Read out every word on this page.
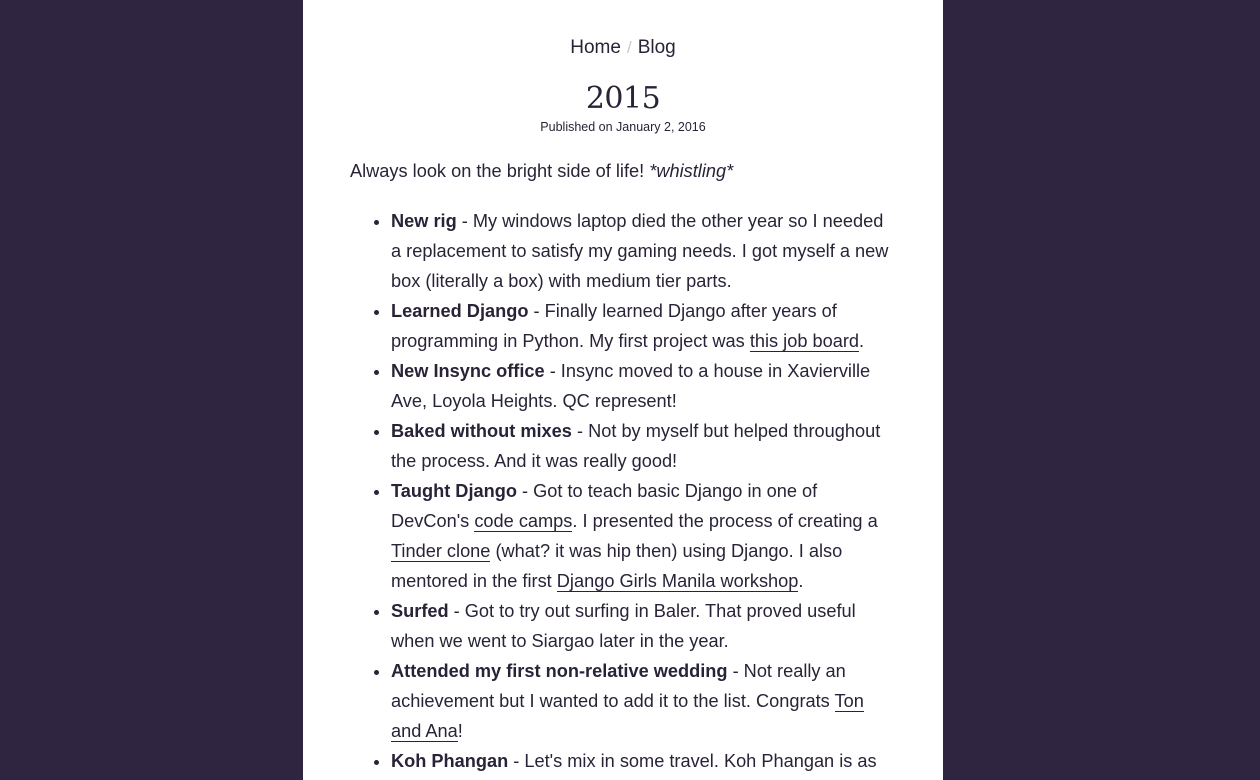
Home / Blog
2015
Published on January 2, 2016

Always look on the bright side of life! *whistling*

• New rig - My windows laptop died the other year so I needed a replacement to satisfy my gaming needs. I got myself a new box (literally a box) with medium tier parts.
• Learned Django - Finally learned Django after years of programming in Python. My first project was this job board.
• New Insync office - Insync moved to a house in Xavierville Ave, Loyola Heights. QC represent!
• Baked without mixes - Not by myself but helped throughout the process. And it was really good!
• Taught Django - Got to teach basic Django in one of DevCon's code camps. I presented the process of creating a Tinder clone (what? it was hip then) using Django. I also mentored in the first Django Girls Manila workshop.
• Surfed - Got to try out surfing in Baler. That proved useful when we went to Siargao later in the year.
• Attended my first non-relative wedding - Not really an achievement but I wanted to add it to the list. Congrats Ton and Ana!
• Koh Phangan - Let's mix in some travel. Koh Phangan is as
